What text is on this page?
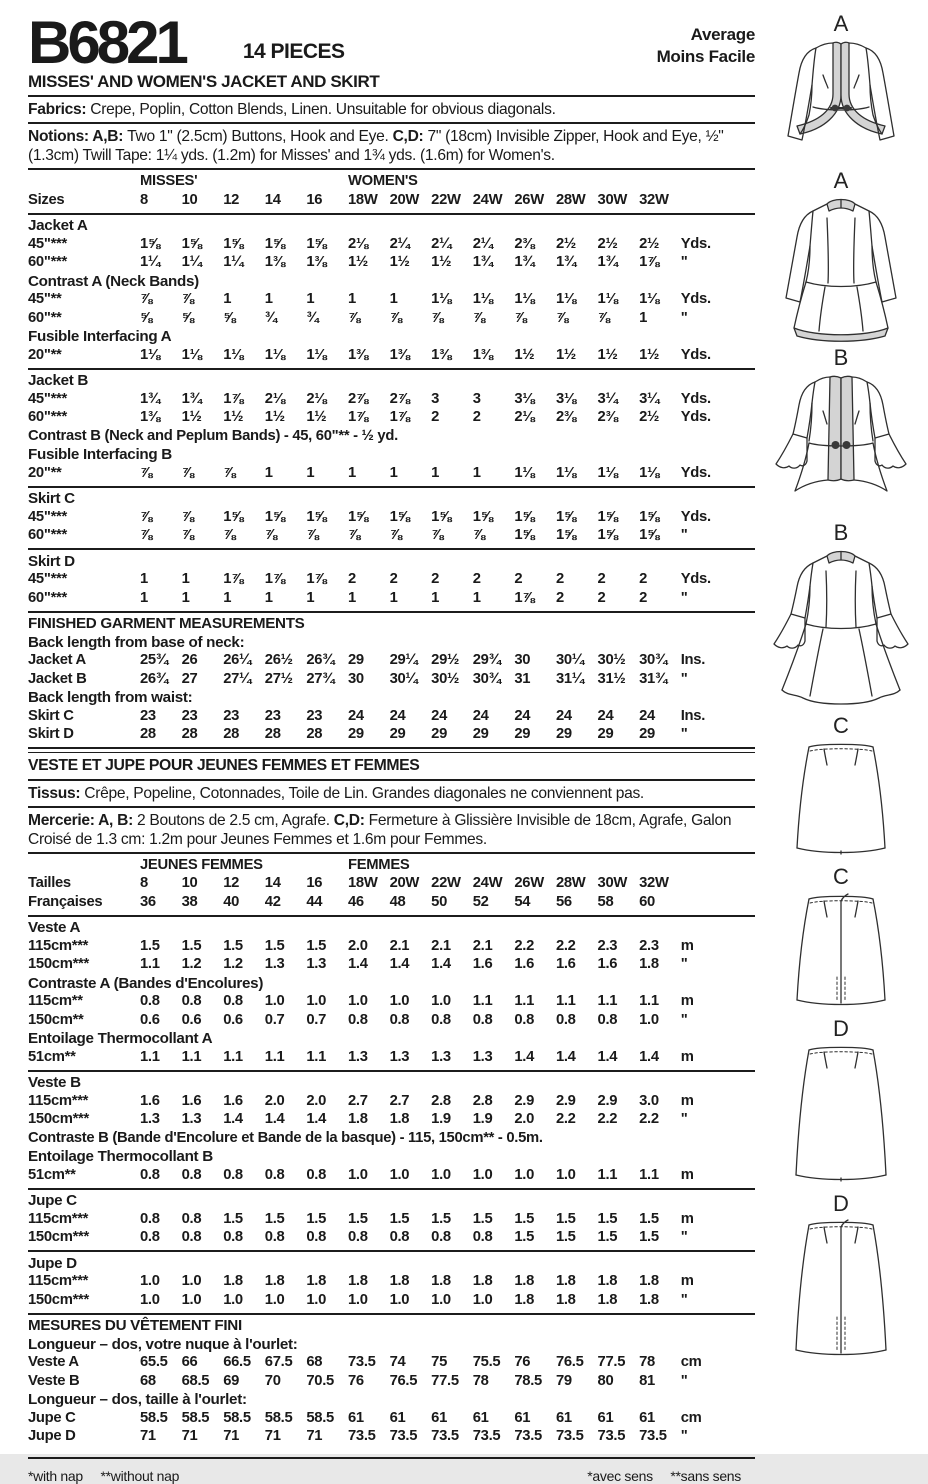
B6821	14 PIECES
Average
Moins Facile
MISSES' AND WOMEN'S JACKET AND SKIRT

Fabrics: Crepe, Poplin, Cotton Blends, Linen. Unsuitable for obvious diagonals.

Notions: A,B: Two 1" (2.5cm) Buttons, Hook and Eye. C,D: 7" (18cm) Invisible Zipper, Hook and Eye, ½" (1.3cm) Twill Tape: 1¼ yds. (1.2m) for Misses' and 1¾ yds. (1.6m) for Women's.

MISSES'	WOMEN'S
Sizes	8	10	12	14	16	18W 20W 22W 24W 26W 28W 30W 32W
Jacket A
45"***	1⅝	1⅝	1⅝	1⅝	1⅝	2⅛	2¼	2¼	2¼	2⅜	2½	2½	2½	Yds.
60"***	1¼	1¼	1¼	1⅜	1⅜	1½	1½	1½	1¾	1¾	1¾	1¾	1⅞	"
Contrast A (Neck Bands)
45"**	⅞	⅞	1	1	1	1	1	1⅛	1⅛	1⅛	1⅛	1⅛	1⅛	Yds.
60"**	⅝	⅝	⅝	¾	¾	⅞	⅞	⅞	⅞	⅞	⅞	⅞	1	"
Fusible Interfacing A
20"**	1⅛	1⅛	1⅛	1⅛	1⅛	1⅜	1⅜	1⅜	1⅜	1½	1½	1½	1½	Yds.
Jacket B
45"***	1¾	1¾	1⅞	2⅛	2⅛	2⅞	2⅞	3	3	3⅛	3⅛	3¼	3¼	Yds.
60"***	1⅜	1½	1½	1½	1½	1⅞	1⅞	2	2	2⅛	2⅜	2⅜	2½	Yds.
Contrast B (Neck and Peplum Bands) - 45, 60"** - ½ yd.
Fusible Interfacing B
20"**	⅞	⅞	⅞	1	1	1	1	1	1	1⅛	1⅛	1⅛	1⅛	Yds.
Skirt C
45"***	⅞	⅞	1⅝	1⅝	1⅝	1⅝	1⅝	1⅝	1⅝	1⅝	1⅝	1⅝	1⅝	Yds.
60"***	⅞	⅞	⅞	⅞	⅞	⅞	⅞	⅞	⅞	1⅝	1⅝	1⅝	1⅝	"
Skirt D
45"***	1	1	1⅞	1⅞	1⅞	2	2	2	2	2	2	2	2	Yds.
60"***	1	1	1	1	1	1	1	1	1	1⅞	2	2	2	"
FINISHED GARMENT MEASUREMENTS
Back length from base of neck:
Jacket A	25¾ 26	26¼ 26½ 26¾ 29	29¼ 29½ 29¾ 30	30¼ 30½ 30¾ Ins.
Jacket B	26¾ 27	27¼ 27½ 27¾ 30	30¼ 30½ 30¾ 31	31¼ 31½ 31¾ "
Back length from waist:
Skirt C	23	23	23	23	23	24	24	24	24	24	24	24	24	Ins.
Skirt D	28	28	28	28	28	29	29	29	29	29	29	29	29	"
VESTE ET JUPE POUR JEUNES FEMMES ET FEMMES

Tissus: Crêpe, Popeline, Cotonnades, Toile de Lin. Grandes diagonales ne conviennent pas.

Mercerie: A, B: 2 Boutons de 2.5 cm, Agrafe. C,D: Fermeture à Glissière Invisible de 18cm, Agrafe, Galon Croisé de 1.3 cm: 1.2m pour Jeunes Femmes et 1.6m pour Femmes.

JEUNES FEMMES	FEMMES
Tailles	8	10	12	14	16	18W 20W 22W 24W 26W 28W 30W 32W
Françaises	36	38	40	42	44	46	48	50	52	54	56	58	60
Veste A
115cm***	1.5	1.5	1.5	1.5	1.5	2.0	2.1	2.1	2.1	2.2	2.2	2.3	2.3	m
150cm***	1.1	1.2	1.2	1.3	1.3	1.4	1.4	1.4	1.6	1.6	1.6	1.6	1.8	"
Contraste A (Bandes d'Encolures)
115cm**	0.8	0.8	0.8	1.0	1.0	1.0	1.0	1.0	1.1	1.1	1.1	1.1	1.1	m
150cm**	0.6	0.6	0.6	0.7	0.7	0.8	0.8	0.8	0.8	0.8	0.8	0.8	1.0	"
Entoilage Thermocollant A
51cm**	1.1	1.1	1.1	1.1	1.1	1.3	1.3	1.3	1.3	1.4	1.4	1.4	1.4	m
Veste B
115cm***	1.6	1.6	1.6	2.0	2.0	2.7	2.7	2.8	2.8	2.9	2.9	2.9	3.0	m
150cm***	1.3	1.3	1.4	1.4	1.4	1.8	1.8	1.9	1.9	2.0	2.2	2.2	2.2	"
Contraste B (Bande d'Encolure et Bande de la basque) - 115, 150cm** - 0.5m.
Entoilage Thermocollant B
51cm**	0.8	0.8	0.8	0.8	0.8	1.0	1.0	1.0	1.0	1.0	1.0	1.1	1.1	m
Jupe C
115cm***	0.8	0.8	1.5	1.5	1.5	1.5	1.5	1.5	1.5	1.5	1.5	1.5	1.5	m
150cm***	0.8	0.8	0.8	0.8	0.8	0.8	0.8	0.8	0.8	1.5	1.5	1.5	1.5	"
Jupe D
115cm***	1.0	1.0	1.8	1.8	1.8	1.8	1.8	1.8	1.8	1.8	1.8	1.8	1.8	m
150cm***	1.0	1.0	1.0	1.0	1.0	1.0	1.0	1.0	1.0	1.8	1.8	1.8	1.8	"
MESURES DU VÊTEMENT FINI
Longueur – dos, votre nuque à l'ourlet:
Veste A	65.5 66	66.5 67.5 68	73.5 74	75	75.5 76	76.5 77.5 78	cm
Veste B	68	68.5 69	70	70.5 76	76.5 77.5 78	78.5 79	80	81	"
Longueur – dos, taille à l'ourlet:
Jupe C	58.5 58.5 58.5 58.5 58.5 61	61	61	61	61	61	61	61	cm
Jupe D	71	71	71	71	71	73.5 73.5 73.5 73.5 73.5 73.5 73.5 73.5 "
*with nap **without nap	*avec sens **sans sens
A
A
B
B
C
C
D
D
